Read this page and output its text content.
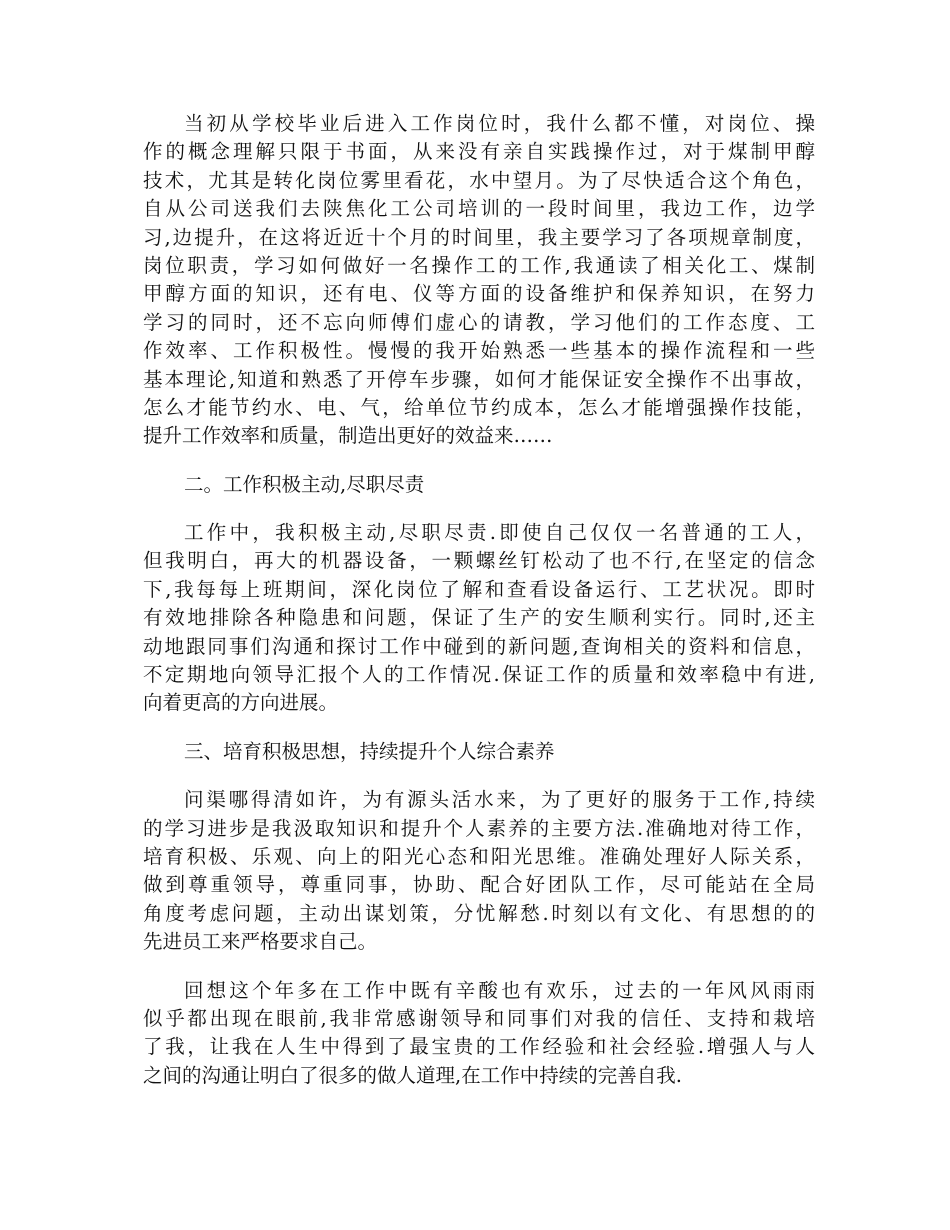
当初从学校毕业后进入工作岗位时，我什么都不懂，对岗位、操
作的概念理解只限于书面，从来没有亲自实践操作过，对于煤制甲醇
技术，尤其是转化岗位雾里看花，水中望月。为了尽快适合这个角色，
自从公司送我们去陕焦化工公司培训的一段时间里，我边工作，边学
习,边提升，在这将近近十个月的时间里，我主要学习了各项规章制度，
岗位职责，学习如何做好一名操作工的工作,我通读了相关化工、煤制
甲醇方面的知识，还有电、仪等方面的设备维护和保养知识，在努力
学习的同时，还不忘向师傅们虚心的请教，学习他们的工作态度、工
作效率、工作积极性。慢慢的我开始熟悉一些基本的操作流程和一些
基本理论,知道和熟悉了开停车步骤，如何才能保证安全操作不出事故，
怎么才能节约水、电、气，给单位节约成本，怎么才能增强操作技能，
提升工作效率和质量，制造出更好的效益来……
二。工作积极主动,尽职尽责
工作中，我积极主动,尽职尽责.即使自己仅仅一名普通的工人，
但我明白，再大的机器设备，一颗螺丝钉松动了也不行,在坚定的信念
下,我每每上班期间，深化岗位了解和查看设备运行、工艺状况。即时
有效地排除各种隐患和问题，保证了生产的安生顺利实行。同时,还主
动地跟同事们沟通和探讨工作中碰到的新问题,查询相关的资料和信息，
不定期地向领导汇报个人的工作情况.保证工作的质量和效率稳中有进,
向着更高的方向进展。
三、培育积极思想，持续提升个人综合素养
问渠哪得清如许，为有源头活水来，为了更好的服务于工作,持续
的学习进步是我汲取知识和提升个人素养的主要方法.准确地对待工作，
培育积极、乐观、向上的阳光心态和阳光思维。准确处理好人际关系，
做到尊重领导，尊重同事，协助、配合好团队工作，尽可能站在全局
角度考虑问题，主动出谋划策，分忧解愁.时刻以有文化、有思想的的
先进员工来严格要求自己。
回想这个年多在工作中既有辛酸也有欢乐，过去的一年风风雨雨
似乎都出现在眼前,我非常感谢领导和同事们对我的信任、支持和栽培
了我，让我在人生中得到了最宝贵的工作经验和社会经验.增强人与人
之间的沟通让明白了很多的做人道理,在工作中持续的完善自我.
